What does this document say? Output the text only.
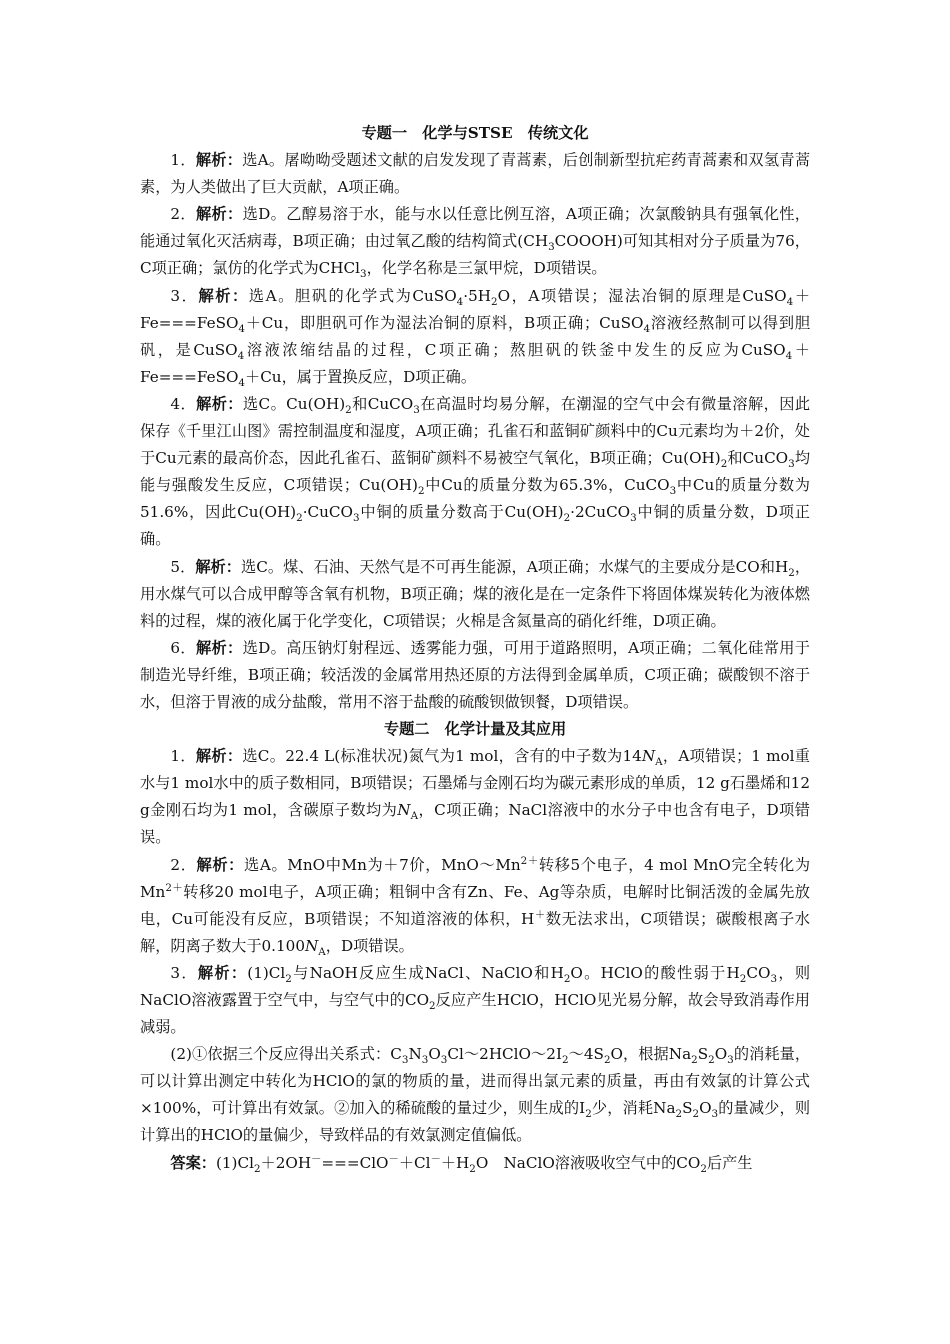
专题一　化学与STSE　传统文化

1．解析：选A。屠呦呦受题述文献的启发发现了青蒿素，后创制新型抗疟药青蒿素和双氢青蒿素，为人类做出了巨大贡献，A项正确。

2．解析：选D。乙醇易溶于水，能与水以任意比例互溶，A项正确；次氯酸钠具有强氧化性，能通过氧化灭活病毒，B项正确；由过氧乙酸的结构简式$(CH_3COOOH)$可知其相对分子质量为76，C项正确；氯仿的化学式为CHCl$_3$，化学名称是三氯甲烷，D项错误。

3．解析：选A。胆矾的化学式为$CuSO_4\cdot 5H_2O$，A项错误；湿法冶铜的原理是CuSO$_4$＋Fe===FeSO$_4$＋Cu，即胆矾可作为湿法冶铜的原料，B项正确；CuSO$_4$溶液经熬制可以得到胆矾，是CuSO$_4$溶液浓缩结晶的过程，C项正确；熬胆矾的铁釜中发生的反应为CuSO$_4$＋Fe===FeSO$_4$＋Cu，属于置换反应，D项正确。

4．解析：选C。$Cu(OH)_2$和CuCO$_3$在高温时均易分解，在潮湿的空气中会有微量溶解，因此保存《千里江山图》需控制温度和湿度，A项正确；孔雀石和蓝铜矿颜料中的Cu元素均为＋2价，处于Cu元素的最高价态，因此孔雀石、蓝铜矿颜料不易被空气氧化，B项正确；$Cu(OH)_2$和CuCO$_3$均能与强酸发生反应，C项错误；$Cu(OH)_2$中Cu的质量分数为65.3%，CuCO$_3$中Cu的质量分数为51.6%，因此$Cu(OH)_2\cdot CuCO_3$中铜的质量分数高于$Cu(OH)_2\cdot 2CuCO_3$中铜的质量分数，D项正确。

5．解析：选C。煤、石油、天然气是不可再生能源，A项正确；水煤气的主要成分是CO和$H_2$，用水煤气可以合成甲醇等含氧有机物，B项正确；煤的液化是在一定条件下将固体煤炭转化为液体燃料的过程，煤的液化属于化学变化，C项错误；火棉是含氮量高的硝化纤维，D项正确。

6．解析：选D。高压钠灯射程远、透雾能力强，可用于道路照明，A项正确；二氧化硅常用于制造光导纤维，B项正确；较活泼的金属常用热还原的方法得到金属单质，C项正确；碳酸钡不溶于水，但溶于胃液的成分盐酸，常用不溶于盐酸的硫酸钡做钡餐，D项错误。

专题二　化学计量及其应用

1．解析：选C。22.4 L(标准状况)氮气为1 mol，含有的中子数为$14N_A$，A项错误；1 mol重水与1 mol水中的质子数相同，B项错误；石墨烯与金刚石均为碳元素形成的单质，12 g石墨烯和12 g金刚石均为1 mol，含碳原子数均为$N_A$，C项正确；NaCl溶液中的水分子中也含有电子，D项错误。

2．解析：选A。MnO中Mn为＋7价，$MnO\sim Mn^{2+}$转移5个电子，4 mol MnO完全转化为$Mn^{2+}$转移20 mol电子，A项正确；粗铜中含有Zn、Fe、Ag等杂质，电解时比铜活泼的金属先放电，Cu可能没有反应，B项错误；不知道溶液的体积，H＋数无法求出，C项错误；碳酸根离子水解，阴离子数大于$0.100N_A$，D项错误。

3．解析：$(1)Cl_2$与NaOH反应生成NaCl、NaClO和$H_2O$。HClO的酸性弱于$H_2CO_3$，则NaClO溶液露置于空气中，与空气中的$CO_2$反应产生HClO，HClO见光易分解，故会导致消毒作用减弱。

(2)①依据三个反应得出关系式：$C_3N_3O_3Cl\sim 2HClO\sim 2I_2\sim 4S_2O$，根据$Na_2S_2O_3$的消耗量，可以计算出测定中转化为HClO的氯的物质的量，进而得出氯元素的质量，再由有效氯的计算公式×100%，可计算出有效氯。②加入的稀硫酸的量过少，则生成的$I_2$少，消耗$Na_2S_2O_3$的量减少，则计算出的HClO的量偏少，导致样品的有效氯测定值偏低。

答案：$(1)Cl_2+2OH^-===ClO^-+Cl^-+H_2O$　NaClO溶液吸收空气中的$CO_2$后产生
